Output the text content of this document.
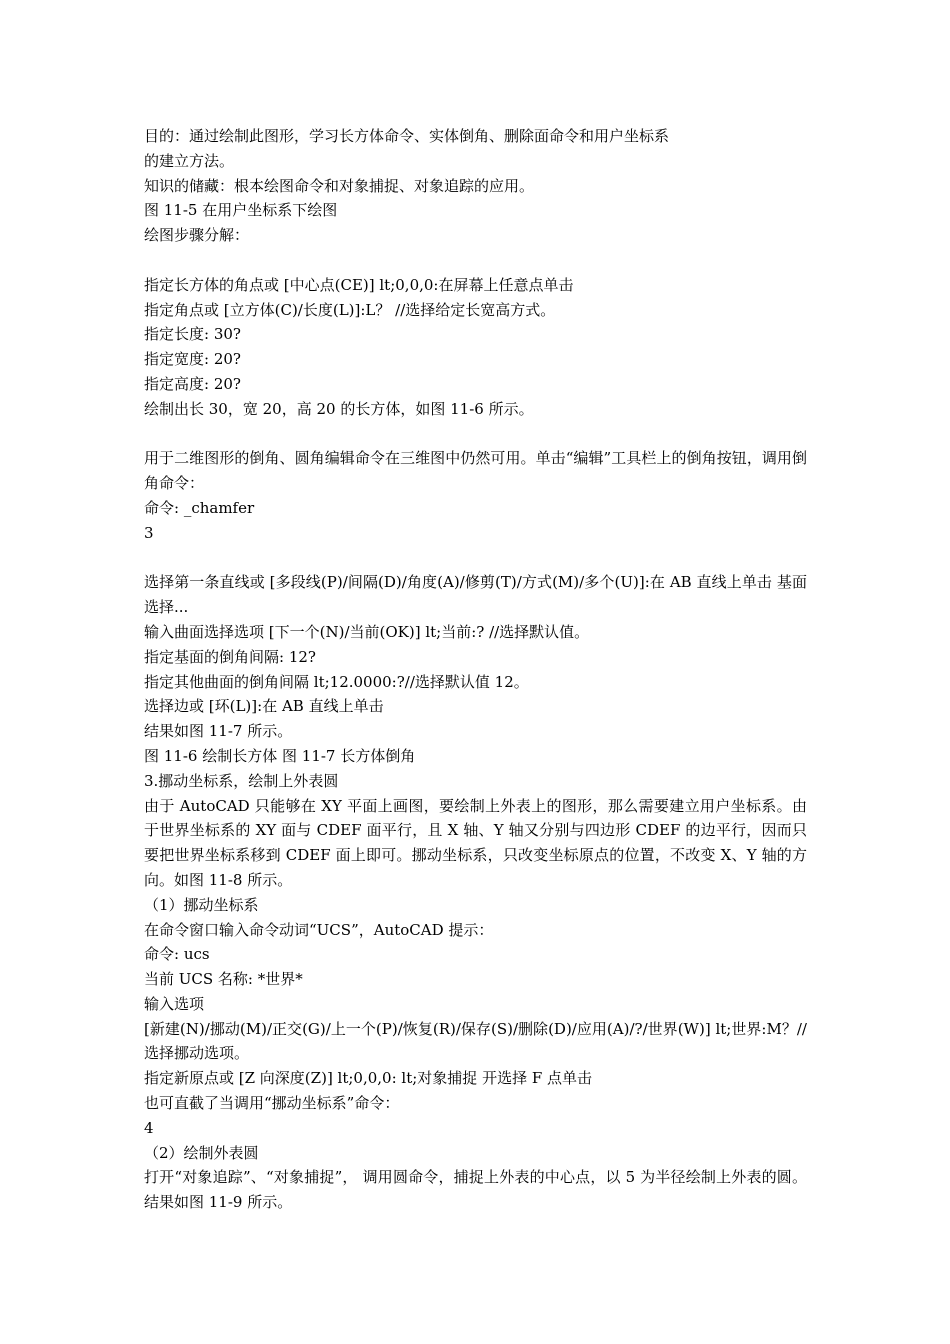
目的：通过绘制此图形，学习长方体命令、实体倒角、删除面命令和用户坐标系
的建立方法。
知识的储藏：根本绘图命令和对象捕捉、对象追踪的应用。
图 11-5 在用户坐标系下绘图
绘图步骤分解：
指定长方体的角点或 [中心点(CE)] lt;0,0,0:在屏幕上任意点单击
指定角点或 [立方体(C)/长度(L)]:L？ //选择给定长宽高方式。
指定长度: 30?
指定宽度: 20?
指定高度: 20?
绘制出长 30，宽 20，高 20 的长方体，如图 11-6 所示。
用于二维图形的倒角、圆角编辑命令在三维图中仍然可用。单击“编辑”工具栏上的倒角按钮，调用倒角命令：
命令: _chamfer
3
选择第一条直线或 [多段线(P)/间隔(D)/角度(A)/修剪(T)/方式(M)/多个(U)]:在 AB 直线上单击 基面选择...
输入曲面选择选项 [下一个(N)/当前(OK)] lt;当前:? //选择默认值。
指定基面的倒角间隔: 12?
指定其他曲面的倒角间隔 lt;12.0000:?//选择默认值 12。
选择边或 [环(L)]:在 AB 直线上单击
结果如图 11-7 所示。
图 11-6 绘制长方体 图 11-7 长方体倒角
3.挪动坐标系，绘制上外表圆
由于 AutoCAD 只能够在 XY 平面上画图，要绘制上外表上的图形，那么需要建立用户坐标系。由于世界坐标系的 XY 面与 CDEF 面平行，且 X 轴、Y 轴又分别与四边形 CDEF 的边平行，因而只要把世界坐标系移到 CDEF 面上即可。挪动坐标系，只改变坐标原点的位置，不改变 X、Y 轴的方向。如图 11-8 所示。
（1）挪动坐标系
在命令窗口输入命令动词“UCS”，AutoCAD 提示：
命令: ucs
当前 UCS 名称: *世界*
输入选项
[新建(N)/挪动(M)/正交(G)/上一个(P)/恢复(R)/保存(S)/删除(D)/应用(A)/?/世界(W)] lt;世界:M？//选择挪动选项。
指定新原点或 [Z 向深度(Z)] lt;0,0,0: lt;对象捕捉 开选择 F 点单击
也可直截了当调用“挪动坐标系”命令：
4
（2）绘制外表圆
打开“对象追踪”、“对象捕捉”， 调用圆命令，捕捉上外表的中心点，以 5 为半径绘制上外表的圆。结果如图 11-9 所示。
